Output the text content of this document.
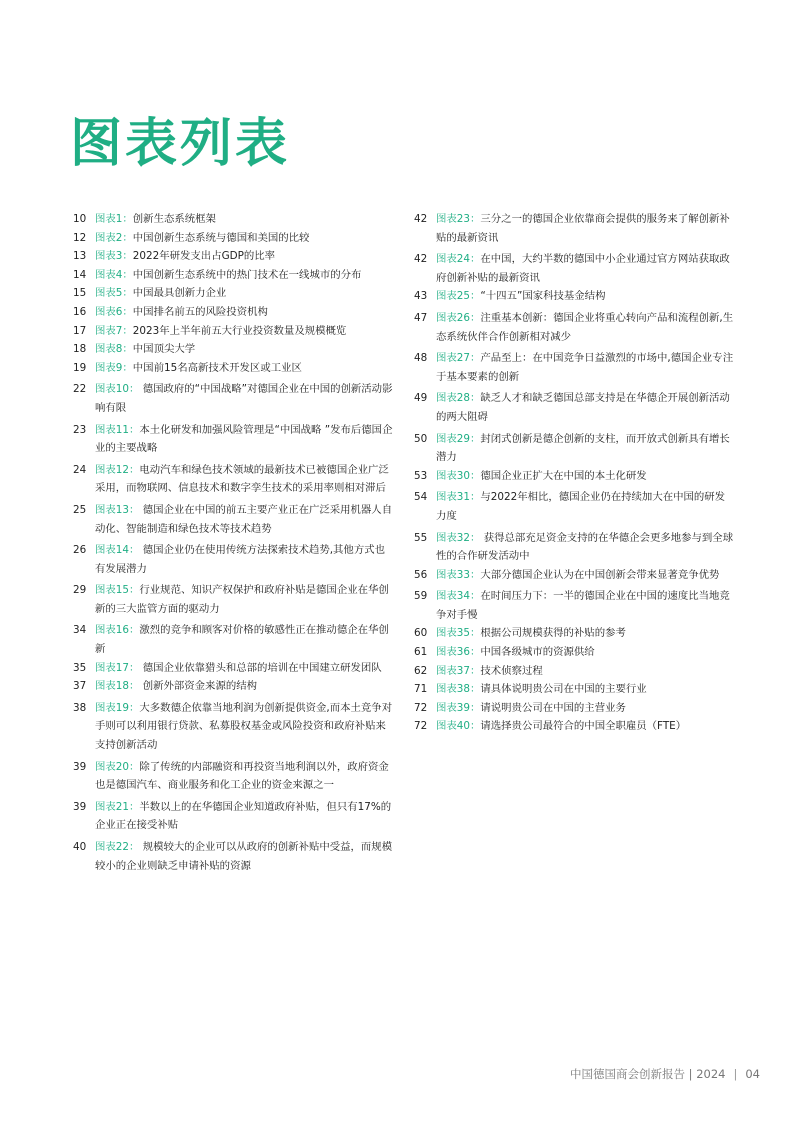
图表列表
10 图表1：创新生态系统框架
12 图表2：中国创新生态系统与德国和美国的比较
13 图表3：2022年研发支出占GDP的比率
14 图表4：中国创新生态系统中的热门技术在一线城市的分布
15 图表5：中国最具创新力企业
16 图表6：中国排名前五的风险投资机构
17 图表7：2023年上半年前五大行业投资数量及规模概览
18 图表8：中国顶尖大学
19 图表9：中国前15名高新技术开发区或工业区
22 图表10： 德国政府的“中国战略”对德国企业在中国的创新活动影响有限
23 图表11：本土化研发和加强风险管理是“中国战略 ”发布后德国企业的主要战略
24 图表12：电动汽车和绿色技术领域的最新技术已被德国企业广泛采用，而物联网、信息技术和数字孪生技术的采用率则相对滞后
25 图表13： 德国企业在中国的前五主要产业正在广泛采用机器人自动化、智能制造和绿色技术等技术趋势
26 图表14： 德国企业仍在使用传统方法探索技术趋势,其他方式也有发展潜力
29 图表15：行业规范、知识产权保护和政府补贴是德国企业在华创新的三大监管方面的驱动力
34 图表16：激烈的竞争和顾客对价格的敏感性正在推动德企在华创新
35 图表17： 德国企业依靠猎头和总部的培训在中国建立研发团队
37 图表18： 创新外部资金来源的结构
38 图表19：大多数德企依靠当地利润为创新提供资金,而本土竞争对手则可以利用银行贷款、私募股权基金或风险投资和政府补贴来支持创新活动
39 图表20：除了传统的内部融资和再投资当地利润以外，政府资金也是德国汽车、商业服务和化工企业的资金来源之一
39 图表21：半数以上的在华德国企业知道政府补贴，但只有17%的企业正在接受补贴
40 图表22： 规模较大的企业可以从政府的创新补贴中受益，而规模较小的企业则缺乏申请补贴的资源
42 图表23：三分之一的德国企业依靠商会提供的服务来了解创新补贴的最新资讯
42 图表24：在中国，大约半数的德国中小企业通过官方网站获取政府创新补贴的最新资讯
43 图表25：“十四五”国家科技基金结构
47 图表26：注重基本创新：德国企业将重心转向产品和流程创新,生态系统伙伴合作创新相对减少
48 图表27：产品至上：在中国竞争日益激烈的市场中,德国企业专注于基本要素的创新
49 图表28：缺乏人才和缺乏德国总部支持是在华德企开展创新活动的两大阻碍
50 图表29：封闭式创新是德企创新的支柱，而开放式创新具有增长潜力
53 图表30：德国企业正扩大在中国的本土化研发
54 图表31：与2022年相比，德国企业仍在持续加大在中国的研发力度
55 图表32： 获得总部充足资金支持的在华德企会更多地参与到全球性的合作研发活动中
56 图表33：大部分德国企业认为在中国创新会带来显著竞争优势
59 图表34：在时间压力下：一半的德国企业在中国的速度比当地竞争对手慢
60 图表35：根据公司规模获得的补贴的参考
61 图表36：中国各级城市的资源供给
62 图表37：技术侦察过程
71 图表38：请具体说明贵公司在中国的主要行业
72 图表39：请说明贵公司在中国的主营业务
72 图表40：请选择贵公司最符合的中国全职雇员（FTE）
中国德国商会创新报告 | 2024 | 04
